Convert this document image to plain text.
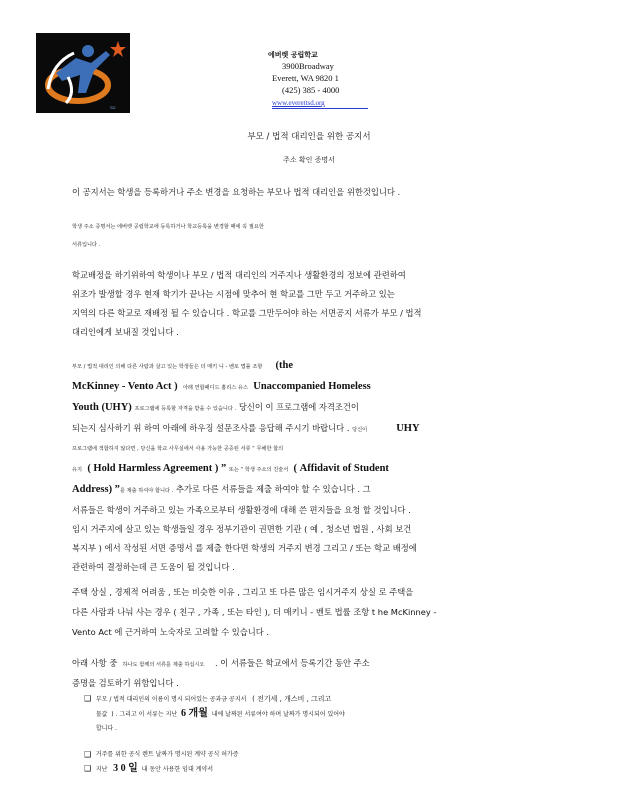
SD
에버렛 공립학교
3900Broadway
Everett, WA 9820 1
(425) 385 - 4000
www.everettsd.org
부모 / 법적 대리인을 위한 공지서
주소 확인 증명서
이 공지서는 학생을 등록하거나 주소 변경을 요청하는 부모나 법적 대리인을 위한것입니다 .
학생 주소 증명서는 에버렛 공립학교에 등록하거나 학교등록을 변경할 때에 꼭 필요한
서류입니다 .
학교배정을 하기위하여 학생이나 부모 / 법적 대리인의 거주지나 생활환경의 정보에 관련하여
위조가 발생할 경우 현재 학기가 끝나는 시점에 맞추어 현 학교를 그만 두고 거주하고 있는
지역의 다른 학교로 재배정 될 수 있습니다 . 학교를 그만두어야 하는 서면공지 서류가 부모 / 법적
대리인에게 보내질 것입니다 .
부모 / 법적 대리인 의해 다른 사람과 살고 있는 학생들은 더 매키 니 - 벤토 법률 조항 (the
McKinney - Vento Act ) 아래 연합패디드 홈리스 유스 Unaccompanied Homeless
Youth (UHY) 프로그램에 등록할 자격을 받을 수 있습니다 . 당신이 이 프로그램에 자격조건이
되는지 심사하기 위 하여 아래에 하우징 설문조사를 응답해 주시기 바랍니다 . 당신이	UHY
프로그램에 적합하지 않다면 , 당신을 학교 사무실에서 사용 가능한 공증된 서류 “ 무해한 합의
유지 ( Hold Harmless Agreement ) ” 또는 “ 학생 주소의 진술서 ( Affidavit of Student
Address) ”를 제출 하셔야 합니다 . 추가로 다른 서류들을 제출 하여야 할 수 있습니다 . 그
서류들은 학생이 거주하고 있는 가족으로부터 생활환경에 대해 쓴 편지들을 요청 할 것입니다 .
임시 거주지에 살고 있는 학생들일 경우 정부기관이 권면한 기관 ( 예 , 청소년 법원 , 사회 보건
복지부 ) 에서 작성된 서면 증명서 를 제출 한다면 학생의 거주지 변경 그리고 / 또는 학교 배정에
관련하여 결정하는데 큰 도움이 될 것입니다 .
주택 상실 , 경제적 어려움 , 또는 비슷한 이유 , 그리고 또 다른 많은 임시거주지 상실 로 주택을
다른 사람과 나눠 사는 경우 ( 친구 , 가족 , 또는 타인 ), 더 매키니 - 벤토 법률 조항 t he McKinney -
Vento Act 에 근거하여 노숙자로 고려할 수 있습니다 .
아래 사항 중 하나도 함께의 서류를 제출 하십시오 . 이 서류들은 학교에서 등록기간 동안 주소
증명을 검토하기 위함입니다 .
❑ 부모 / 법적 대리인의 이름이 명시 되어있는 공과금 공지서 ( 전기세 , 개스비 , 그리고
물값 ) . 그리고 이 서류는 지난 6 개월 내에 날짜된 서류여야 하며 날짜가 명시되어 있어야
합니다 .
❑ 거주를 위한 공식 렌트 날짜가 명시된 계약 공식 허가증
❑ 지난 3 0 일 내 동안 사용한 임대 계약서
